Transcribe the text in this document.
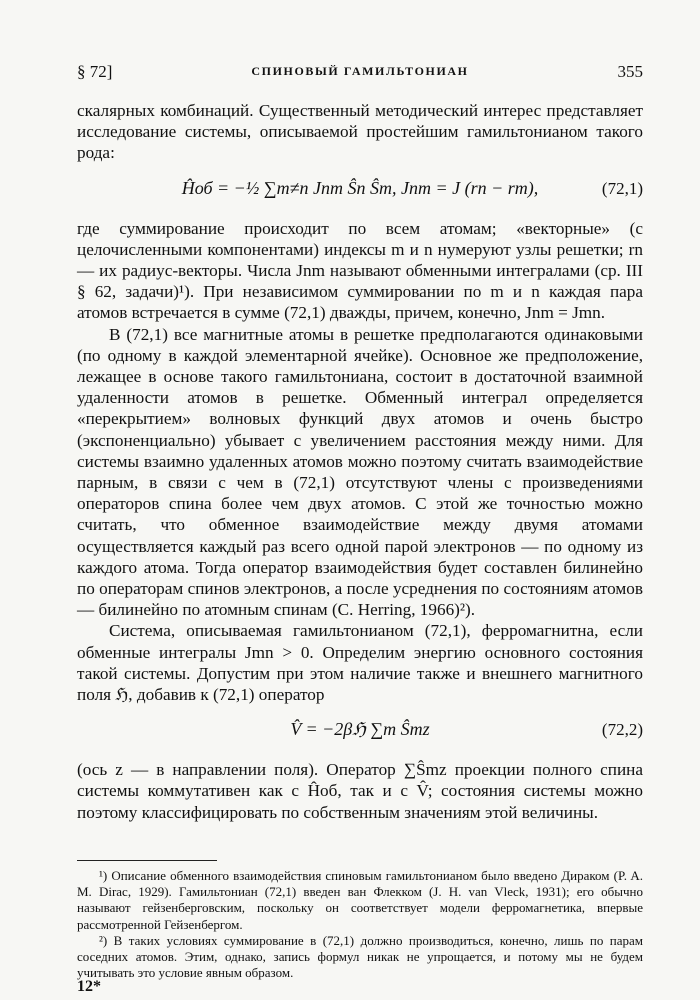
§ 72]	СПИНОВЫЙ ГАМИЛЬТОНИАН	355

скалярных комбинаций. Существенный методический интерес представляет исследование системы, описываемой простейшим гамильтонианом такого рода:

Ĥоб = −½ ∑m≠n Jnm Ŝn Ŝm, Jnm = J (rn − rm),	(72,1)

где суммирование происходит по всем атомам; «векторные» (с целочисленными компонентами) индексы m и n нумеруют узлы решетки; rn — их радиус-векторы. Числа Jnm называют обменными интегралами (ср. III § 62, задачи)¹). При независимом суммировании по m и n каждая пара атомов встречается в сумме (72,1) дважды, причем, конечно, Jnm = Jmn.

В (72,1) все магнитные атомы в решетке предполагаются одинаковыми (по одному в каждой элементарной ячейке). Основное же предположение, лежащее в основе такого гамильтониана, состоит в достаточной взаимной удаленности атомов в решетке. Обменный интеграл определяется «перекрытием» волновых функций двух атомов и очень быстро (экспоненциально) убывает с увеличением расстояния между ними. Для системы взаимно удаленных атомов можно поэтому считать взаимодействие парным, в связи с чем в (72,1) отсутствуют члены с произведениями операторов спина более чем двух атомов. С этой же точностью можно считать, что обменное взаимодействие между двумя атомами осуществляется каждый раз всего одной парой электронов — по одному из каждого атома. Тогда оператор взаимодействия будет составлен билинейно по операторам спинов электронов, а после усреднения по состояниям атомов — билинейно по атомным спинам (C. Herring, 1966)²).

Система, описываемая гамильтонианом (72,1), ферромагнитна, если обменные интегралы Jmn > 0. Определим энергию основного состояния такой системы. Допустим при этом наличие также и внешнего магнитного поля ℌ, добавив к (72,1) оператор

V̂ = −2βℌ ∑m Ŝmz	(72,2)

(ось z — в направлении поля). Оператор ∑Ŝmz проекции полного спина системы коммутативен как с Ĥоб, так и с V̂; состояния системы можно поэтому классифицировать по собственным значениям этой величины.

¹) Описание обменного взаимодействия спиновым гамильтонианом было введено Дираком (P. A. M. Dirac, 1929). Гамильтониан (72,1) введен ван Флекком (J. H. van Vleck, 1931); его обычно называют гейзенберговским, поскольку он соответствует модели ферромагнетика, впервые рассмотренной Гейзенбергом.

²) В таких условиях суммирование в (72,1) должно производиться, конечно, лишь по парам соседних атомов. Этим, однако, запись формул никак не упрощается, и потому мы не будем учитывать это условие явным образом.

12*
